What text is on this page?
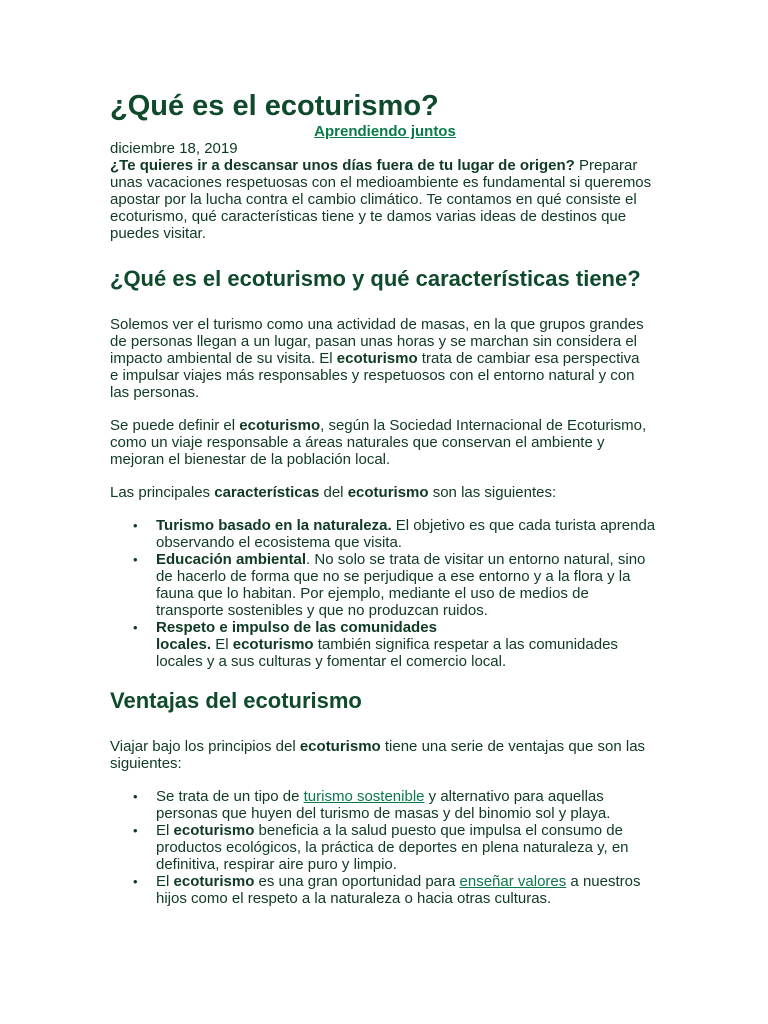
¿Qué es el ecoturismo?
Aprendiendo juntos

diciembre 18, 2019

¿Te quieres ir a descansar unos días fuera de tu lugar de origen? Preparar unas vacaciones respetuosas con el medioambiente es fundamental si queremos apostar por la lucha contra el cambio climático. Te contamos en qué consiste el ecoturismo, qué características tiene y te damos varias ideas de destinos que puedes visitar.

¿Qué es el ecoturismo y qué características tiene?

Solemos ver el turismo como una actividad de masas, en la que grupos grandes de personas llegan a un lugar, pasan unas horas y se marchan sin considera el impacto ambiental de su visita. El ecoturismo trata de cambiar esa perspectiva e impulsar viajes más responsables y respetuosos con el entorno natural y con las personas.

Se puede definir el ecoturismo, según la Sociedad Internacional de Ecoturismo, como un viaje responsable a áreas naturales que conservan el ambiente y mejoran el bienestar de la población local.

Las principales características del ecoturismo son las siguientes:

• Turismo basado en la naturaleza. El objetivo es que cada turista aprenda observando el ecosistema que visita.
• Educación ambiental. No solo se trata de visitar un entorno natural, sino de hacerlo de forma que no se perjudique a ese entorno y a la flora y la fauna que lo habitan. Por ejemplo, mediante el uso de medios de transporte sostenibles y que no produzcan ruidos.
• Respeto e impulso de las comunidades
locales. El ecoturismo también significa respetar a las comunidades locales y a sus culturas y fomentar el comercio local.
Ventajas del ecoturismo

Viajar bajo los principios del ecoturismo tiene una serie de ventajas que son las siguientes:

• Se trata de un tipo de turismo sostenible y alternativo para aquellas personas que huyen del turismo de masas y del binomio sol y playa.
• El ecoturismo beneficia a la salud puesto que impulsa el consumo de productos ecológicos, la práctica de deportes en plena naturaleza y, en definitiva, respirar aire puro y limpio.
• El ecoturismo es una gran oportunidad para enseñar valores a nuestros hijos como el respeto a la naturaleza o hacia otras culturas.
